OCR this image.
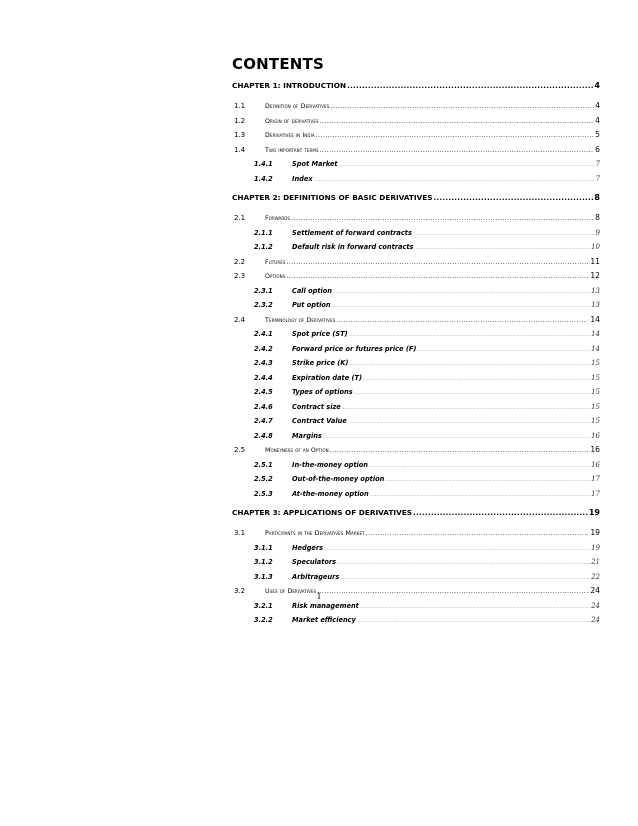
CONTENTS
CHAPTER 1: INTRODUCTION .....	4
1.1	Definition of Derivatives .....	4
1.2	Origin of derivatives .....	4
1.3	Derivatives in India .....	5
1.4	Two important terms .....	6
1.4.1	Spot Market .....	7
1.4.2	Index .....	7
CHAPTER 2: DEFINITIONS OF BASIC DERIVATIVES .....	8
2.1	Forwards .....	8
2.1.1	Settlement of forward contracts .....	9
2.1.2	Default risk in forward contracts .....	10
2.2	Futures .....	11
2.3	Options .....	12
2.3.1	Call option .....	13
2.3.2	Put option .....	13
2.4	Terminology of Derivatives .....	14
2.4.1	Spot price (ST) .....	14
2.4.2	Forward price or futures price (F) .....	14
2.4.3	Strike price (K) .....	15
2.4.4	Expiration date (T) .....	15
2.4.5	Types of options .....	15
2.4.6	Contract size .....	15
2.4.7	Contract Value .....	15
2.4.8	Margins .....	16
2.5	Moneyness of an Option .....	16
2.5.1	In-the-money option .....	16
2.5.2	Out-of-the-money option .....	17
2.5.3	At-the-money option .....	17
CHAPTER 3: APPLICATIONS OF DERIVATIVES .....	19
3.1	Participants in the Derivatives Market .....	19
3.1.1	Hedgers .....	19
3.1.2	Speculators .....	21
3.1.3	Arbitrageurs .....	22
3.2	Uses of Derivatives .....	24
3.2.1	Risk management .....	24
3.2.2	Market efficiency .....	24
1
